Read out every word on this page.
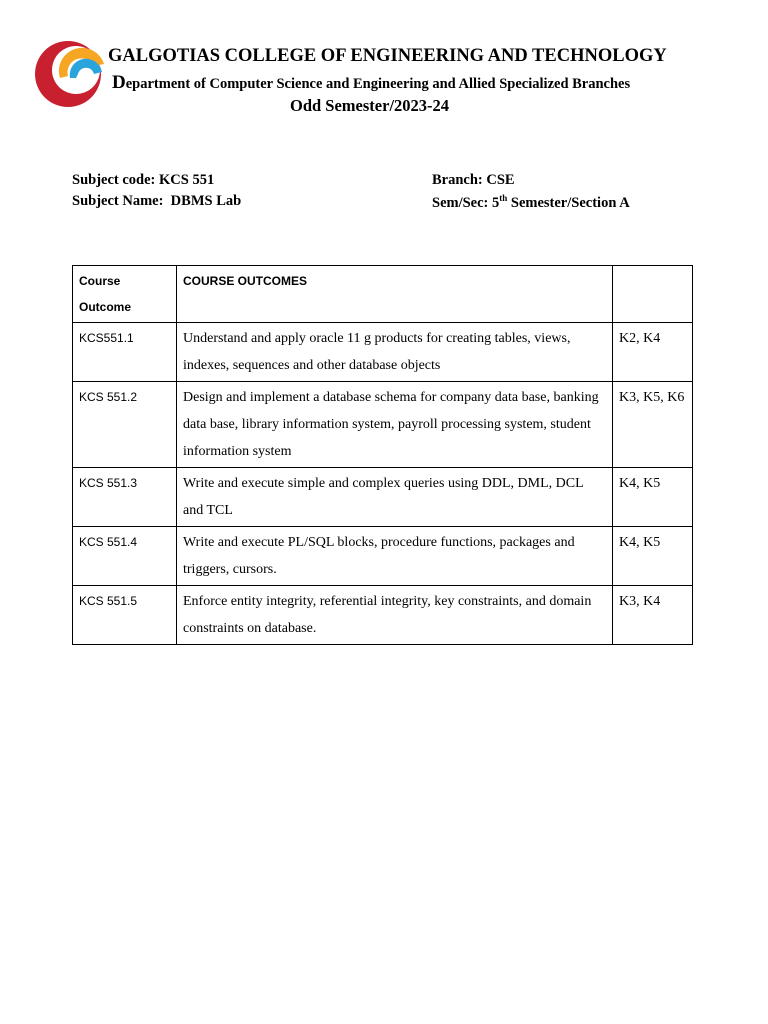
GALGOTIAS COLLEGE OF ENGINEERING AND TECHNOLOGY
Department of Computer Science and Engineering and Allied Specialized Branches
Odd Semester/2023-24
Subject code: KCS 551
Subject Name: DBMS Lab
Branch: CSE
Sem/Sec: 5th Semester/Section A
Course Outcome	COURSE OUTCOMES	
KCS551.1	Understand and apply oracle 11 g products for creating tables, views, indexes, sequences and other database objects	K2, K4
KCS 551.2	Design and implement a database schema for company data base, banking data base, library information system, payroll processing system, student information system	K3, K5, K6
KCS 551.3	Write and execute simple and complex queries using DDL, DML, DCL and TCL	K4, K5
KCS 551.4	Write and execute PL/SQL blocks, procedure functions, packages and triggers, cursors.	K4, K5
KCS 551.5	Enforce entity integrity, referential integrity, key constraints, and domain constraints on database.	K3, K4
